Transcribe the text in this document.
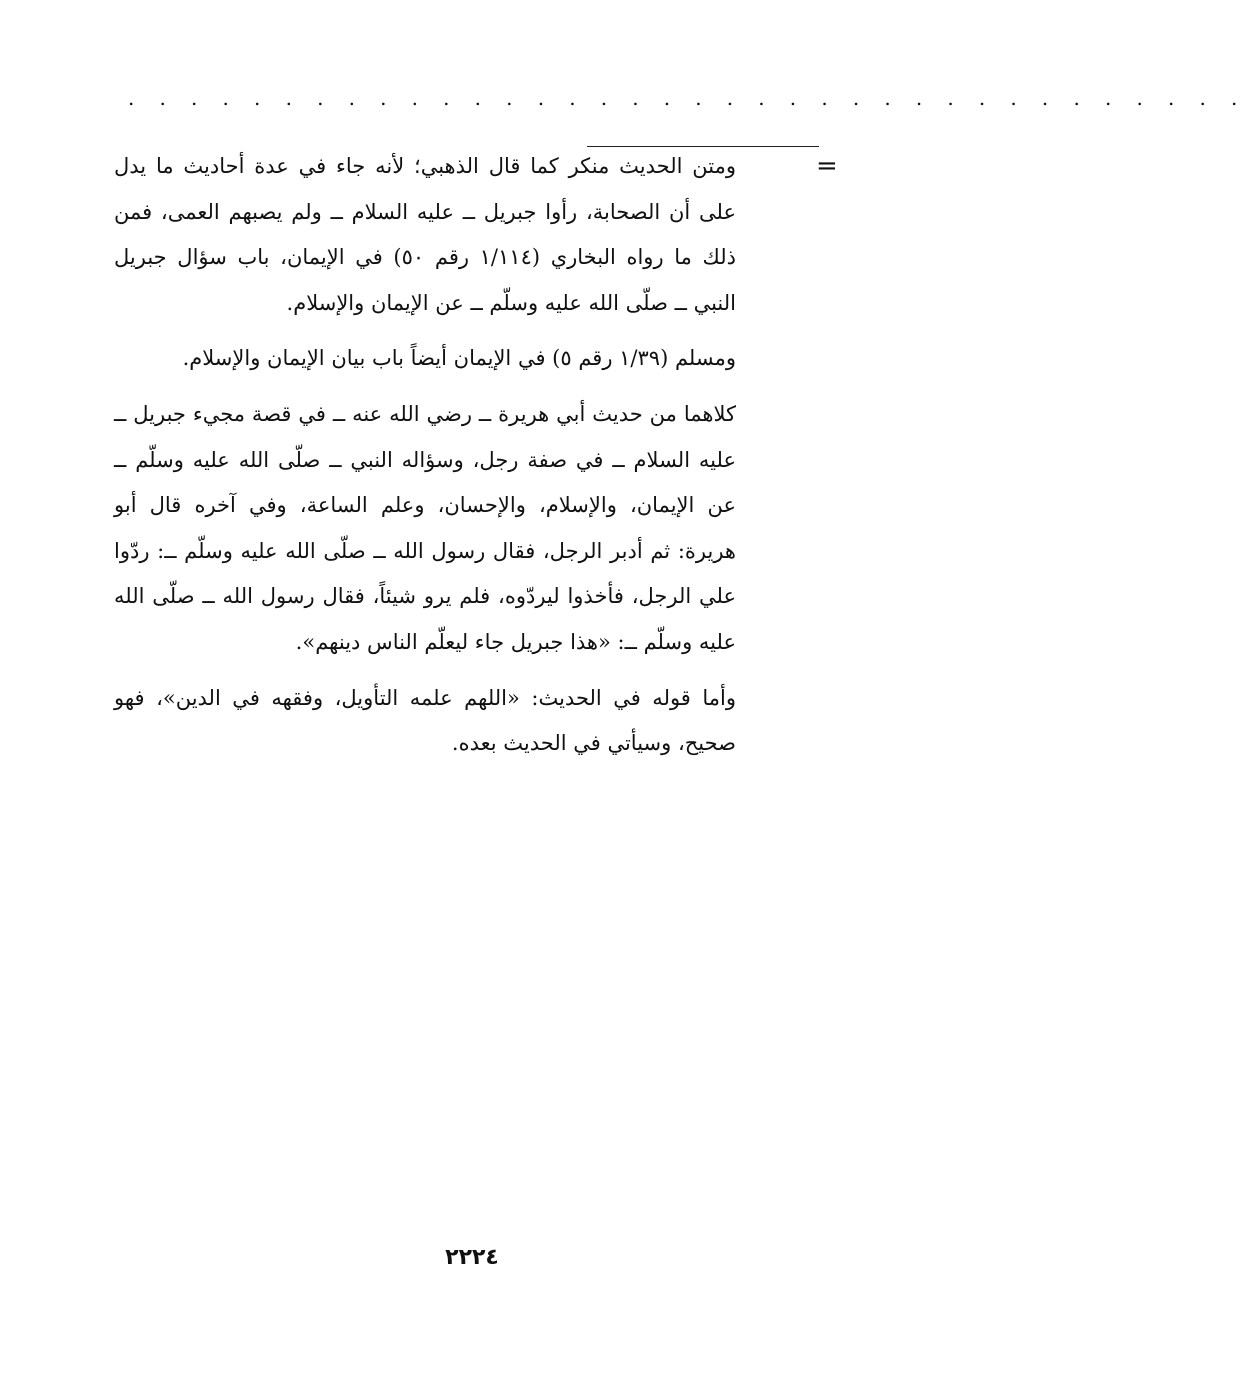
. . . . . . . . . . . . . . . . . . . . . . . . . . . . . . . . . . . .
=

ومتن الحديث منكر كما قال الذهبي؛ لأنه جاء في عدة أحاديث ما يدل على أن الصحابة، رأوا جبريل ــ عليه السلام ــ ولم يصبهم العمى، فمن ذلك ما رواه البخاري (١/١١٤ رقم ٥٠) في الإيمان، باب سؤال جبريل النبي ــ صلّى الله عليه وسلّم ــ عن الإيمان والإسلام.

ومسلم (١/٣٩ رقم ٥) في الإيمان أيضاً باب بيان الإيمان والإسلام.

كلاهما من حديث أبي هريرة ــ رضي الله عنه ــ في قصة مجيء جبريل ــ عليه السلام ــ في صفة رجل، وسؤاله النبي ــ صلّى الله عليه وسلّم ــ عن الإيمان، والإسلام، والإحسان، وعلم الساعة، وفي آخره قال أبو هريرة: ثم أدبر الرجل، فقال رسول الله ــ صلّى الله عليه وسلّم ــ: ردّوا علي الرجل، فأخذوا ليردّوه، فلم يرو شيئاً، فقال رسول الله ــ صلّى الله عليه وسلّم ــ: «هذا جبريل جاء ليعلّم الناس دينهم».

وأما قوله في الحديث: «اللهم علمه التأويل، وفقهه في الدين»، فهو صحيح، وسيأتي في الحديث بعده.

٢٢٢٤
